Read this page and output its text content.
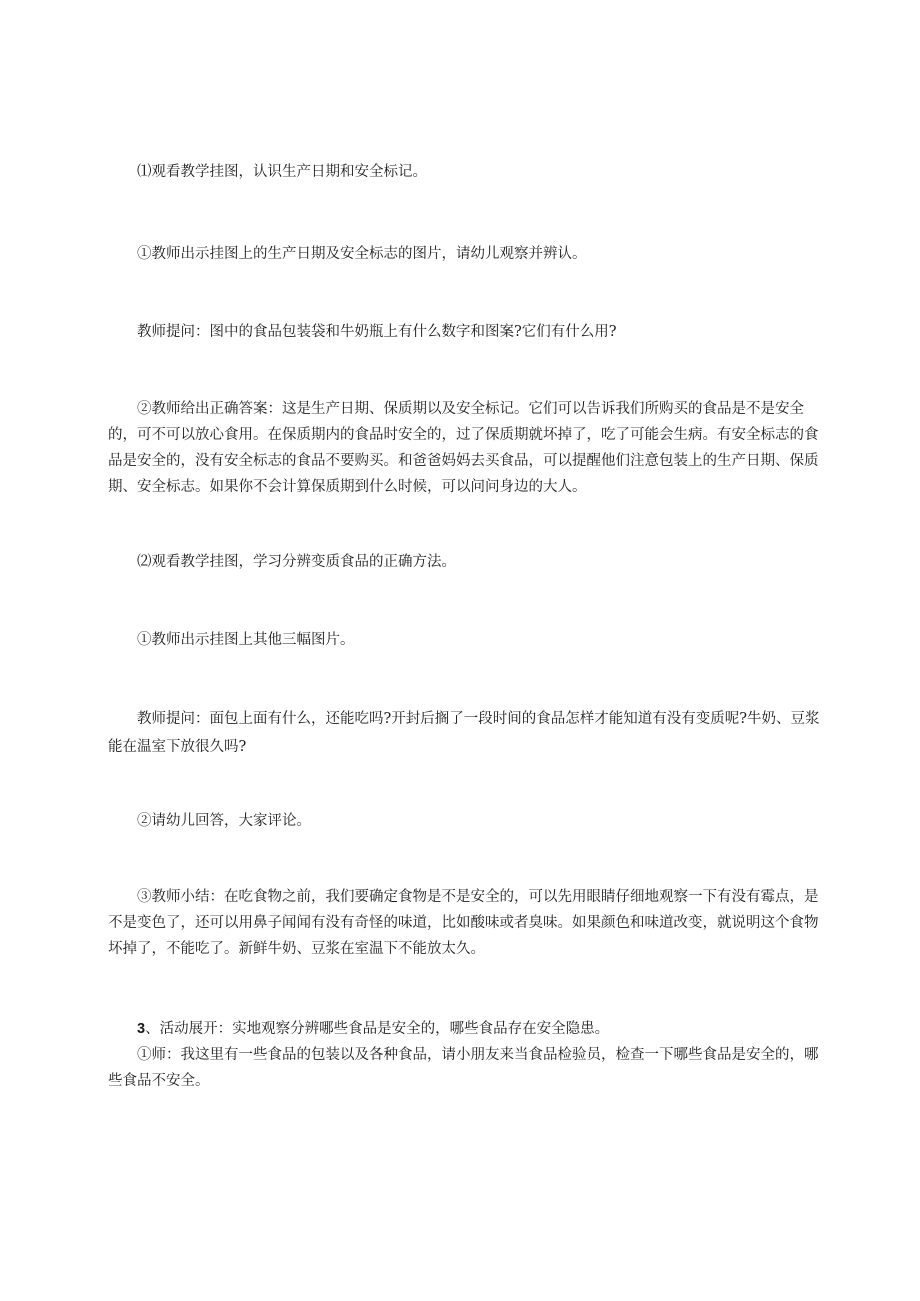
⑴观看教学挂图，认识生产日期和安全标记。

①教师出示挂图上的生产日期及安全标志的图片，请幼儿观察并辨认。

教师提问：图中的食品包装袋和牛奶瓶上有什么数字和图案?它们有什么用?

②教师给出正确答案：这是生产日期、保质期以及安全标记。它们可以告诉我们所购买的食品是不是安全的，可不可以放心食用。在保质期内的食品时安全的，过了保质期就坏掉了，吃了可能会生病。有安全标志的食品是安全的，没有安全标志的食品不要购买。和爸爸妈妈去买食品，可以提醒他们注意包装上的生产日期、保质期、安全标志。如果你不会计算保质期到什么时候，可以问问身边的大人。

⑵观看教学挂图，学习分辨变质食品的正确方法。

①教师出示挂图上其他三幅图片。

教师提问：面包上面有什么，还能吃吗?开封后搁了一段时间的食品怎样才能知道有没有变质呢?牛奶、豆浆能在温室下放很久吗?

②请幼儿回答，大家评论。

③教师小结：在吃食物之前，我们要确定食物是不是安全的，可以先用眼睛仔细地观察一下有没有霉点，是不是变色了，还可以用鼻子闻闻有没有奇怪的味道，比如酸味或者臭味。如果颜色和味道改变，就说明这个食物坏掉了，不能吃了。新鲜牛奶、豆浆在室温下不能放太久。

3、活动展开：实地观察分辨哪些食品是安全的，哪些食品存在安全隐患。

①师：我这里有一些食品的包装以及各种食品，请小朋友来当食品检验员，检查一下哪些食品是安全的，哪些食品不安全。
